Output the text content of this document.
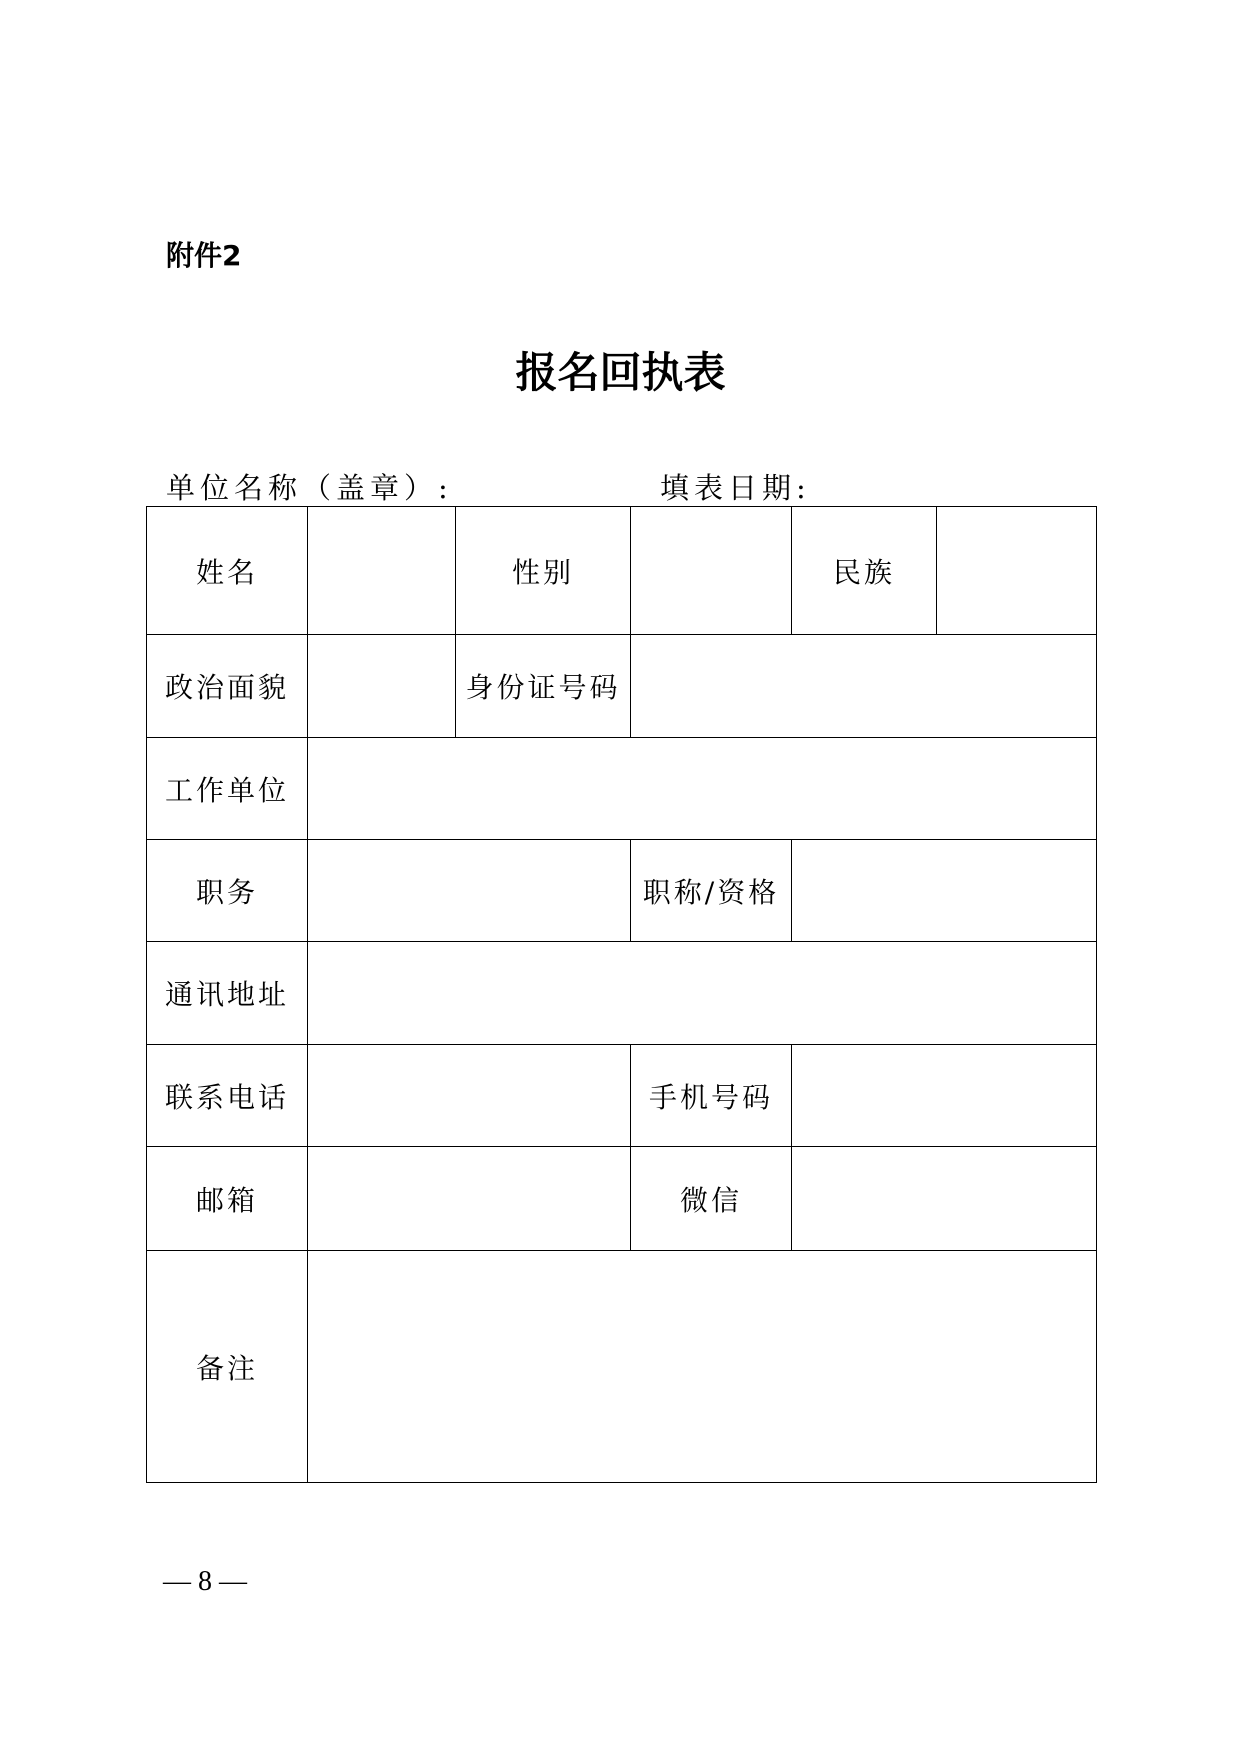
附件2
报名回执表
单位名称（盖章）:	填表日期:
姓名		性别		民族	
政治面貌		身份证号码			
工作单位					
职务			职称/资格		
通讯地址					
联系电话			手机号码		
邮箱			微信		
备注					
— 8 —
